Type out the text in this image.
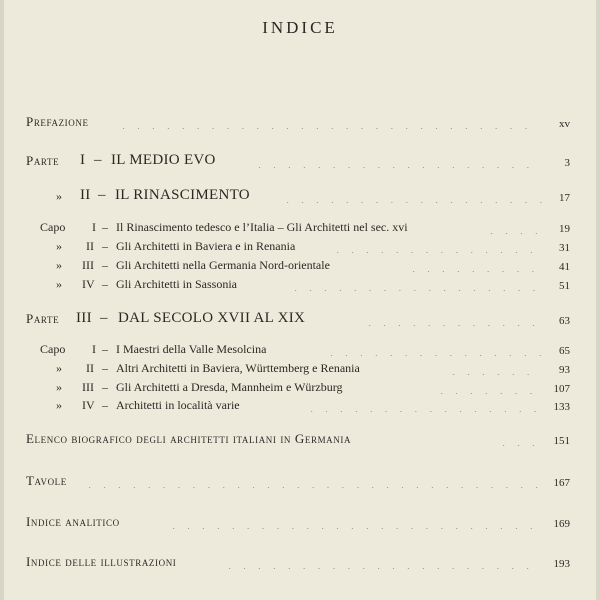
INDICE
Prefazione . . .	xv
Parte I – IL MEDIO EVO . . .	3
» II – IL RINASCIMENTO . . .	17
Capo I – Il Rinascimento tedesco e l’Italia – Gli Architetti nel sec. xvi . . .	19
» II – Gli Architetti in Baviera e in Renania . . .	31
» III – Gli Architetti nella Germania Nord-orientale . . .	41
» IV – Gli Architetti in Sassonia . . .	51
Parte III – DAL SECOLO XVII AL XIX . . .	63
Capo I – I Maestri della Valle Mesolcina . . .	65
» II – Altri Architetti in Baviera, Württemberg e Renania . . .	93
» III – Gli Architetti a Dresda, Mannheim e Würzburg . . .	107
» IV – Architetti in località varie . . .	133
Elenco biografico degli architetti italiani in Germania . . .	151
Tavole . . .	167
Indice analitico . . .	169
Indice delle illustrazioni . . .	193
